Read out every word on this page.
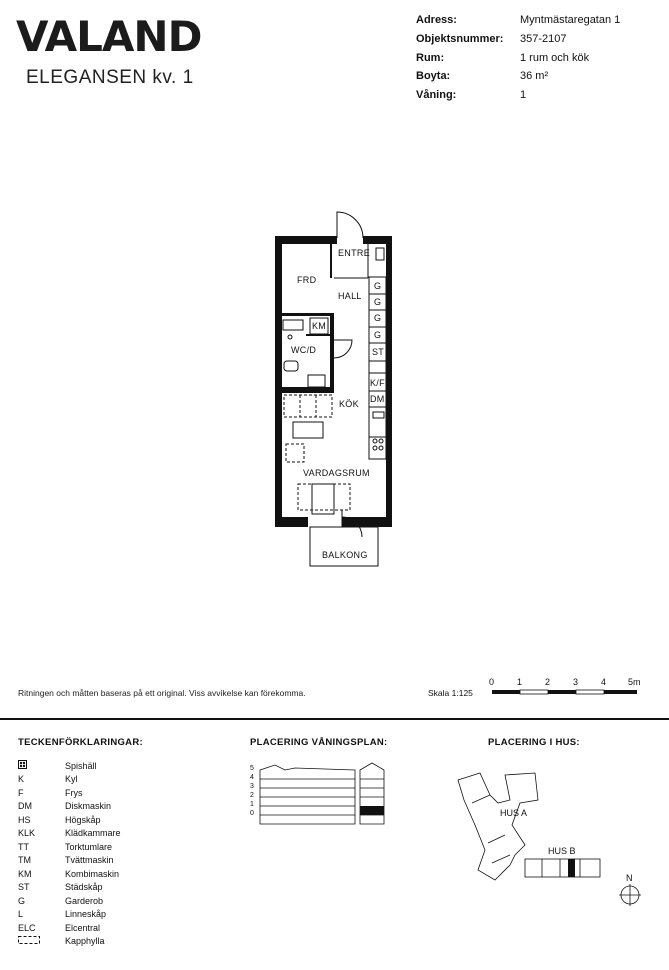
VALAND
ELEGANSEN kv. 1
Adress:	Myntmästaregatan 1
Objektsnummer:	357-2107
Rum:	1 rum och kök
Boyta:	36 m²
Våning:	1
ENTRE
FRD
HALL
WC/D
KM
KÖK
VARDAGSRUM
BALKONG
G
G
G
G
ST
K/F
DM
Ritningen och måtten baseras på ett original. Viss avvikelse kan förekomma.	Skala 1:125
0	1	2	3	4 5m
TECKENFÖRKLARINGAR:
Spishäll
K	Kyl
F	Frys
DM	Diskmaskin
HS	Högskåp
KLK	Klädkammare
TT	Torktumlare
TM	Tvättmaskin
KM	Kombimaskin
ST	Städskåp
G	Garderob
L	Linneskåp
ELC	Elcentral
Kapphylla
PLACERING VÅNINGSPLAN:
5
4
3
2
1
0
PLACERING I HUS:
HUS A
HUS B
N
